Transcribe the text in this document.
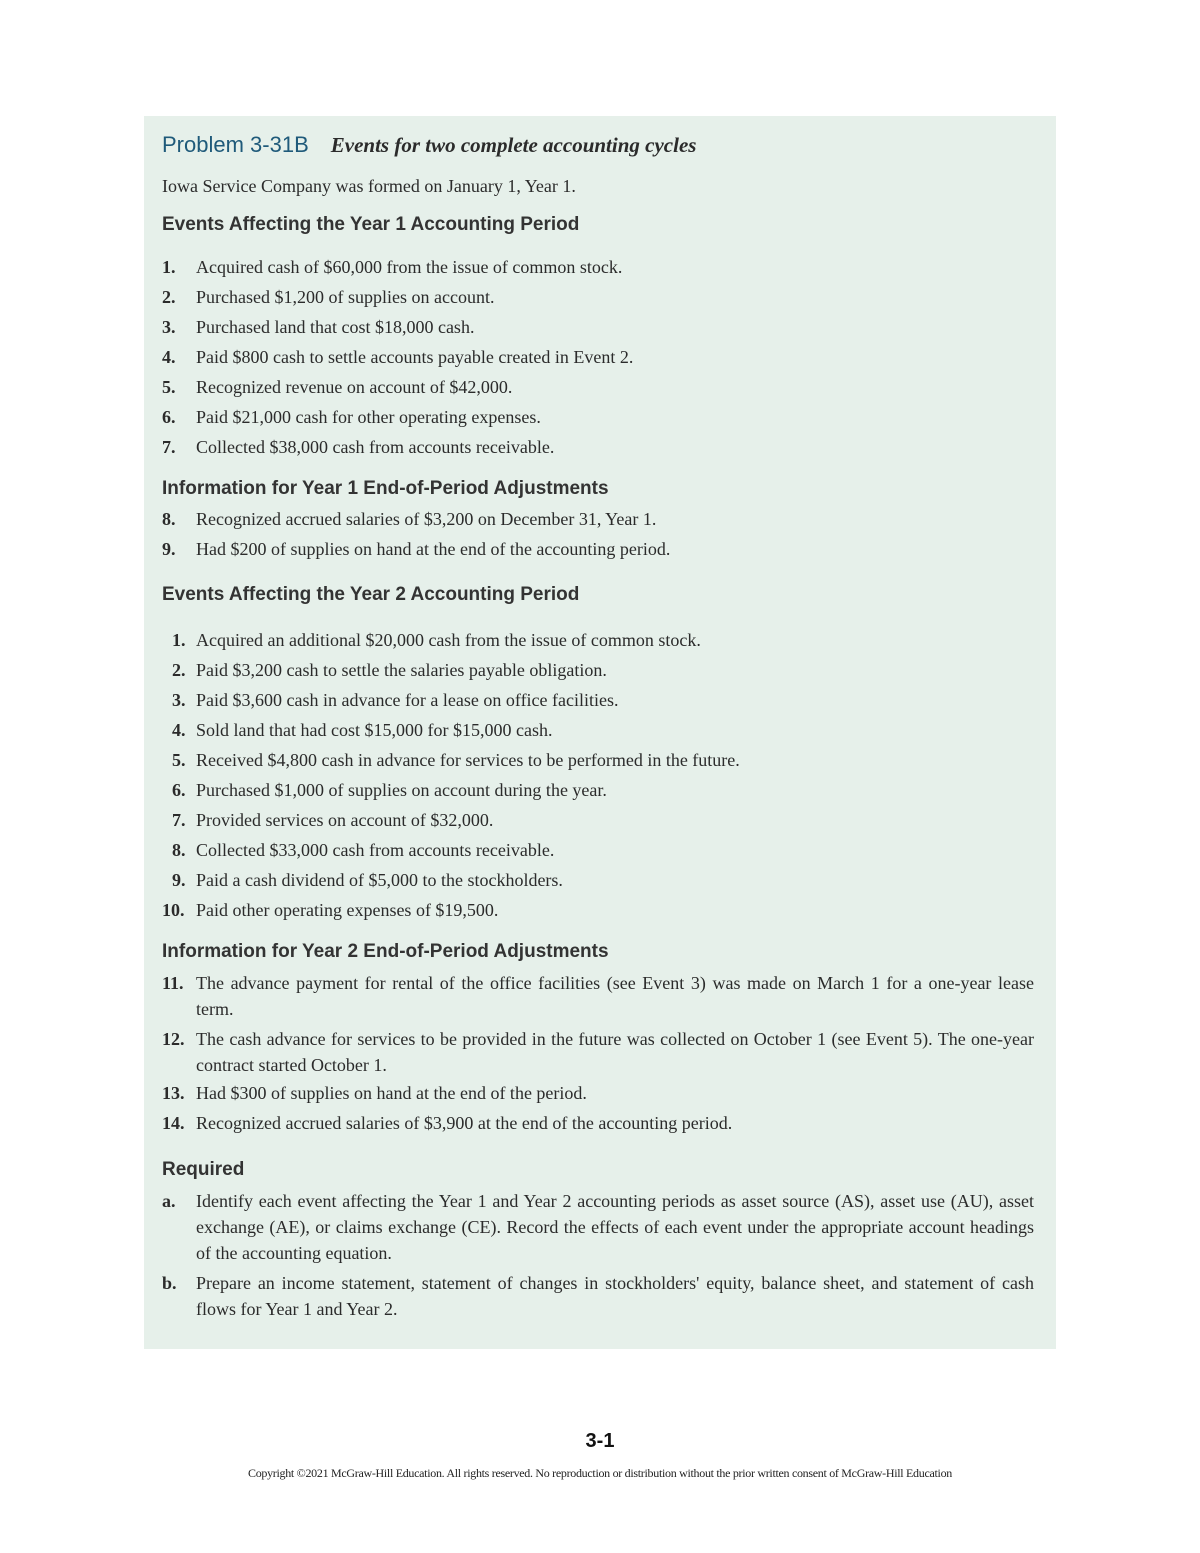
Problem 3-31B Events for two complete accounting cycles
Iowa Service Company was formed on January 1, Year 1.
Events Affecting the Year 1 Accounting Period
1.	Acquired cash of $60,000 from the issue of common stock.
2.	Purchased $1,200 of supplies on account.
3.	Purchased land that cost $18,000 cash.
4.	Paid $800 cash to settle accounts payable created in Event 2.
5.	Recognized revenue on account of $42,000.
6.	Paid $21,000 cash for other operating expenses.
7.	Collected $38,000 cash from accounts receivable.
Information for Year 1 End-of-Period Adjustments
8.	Recognized accrued salaries of $3,200 on December 31, Year 1.
9.	Had $200 of supplies on hand at the end of the accounting period.
Events Affecting the Year 2 Accounting Period
1. Acquired an additional $20,000 cash from the issue of common stock.
2. Paid $3,200 cash to settle the salaries payable obligation.
3. Paid $3,600 cash in advance for a lease on office facilities.
4. Sold land that had cost $15,000 for $15,000 cash.
5. Received $4,800 cash in advance for services to be performed in the future.
6. Purchased $1,000 of supplies on account during the year.
7. Provided services on account of $32,000.
8. Collected $33,000 cash from accounts receivable.
9. Paid a cash dividend of $5,000 to the stockholders.
10. Paid other operating expenses of $19,500.
Information for Year 2 End-of-Period Adjustments
11. The advance payment for rental of the office facilities (see Event 3) was made on March 1 for a one-year lease term.
12. The cash advance for services to be provided in the future was collected on October 1 (see Event 5). The one-year contract started October 1.
13. Had $300 of supplies on hand at the end of the period.
14. Recognized accrued salaries of $3,900 at the end of the accounting period.
Required
a.	Identify each event affecting the Year 1 and Year 2 accounting periods as asset source (AS), asset use (AU), asset exchange (AE), or claims exchange (CE). Record the effects of each event under the appropriate account headings of the accounting equation.
b.	Prepare an income statement, statement of changes in stockholders' equity, balance sheet, and statement of cash flows for Year 1 and Year 2.
3-1
Copyright ©2021 McGraw-Hill Education. All rights reserved. No reproduction or distribution without the prior written consent of McGraw-Hill Education
